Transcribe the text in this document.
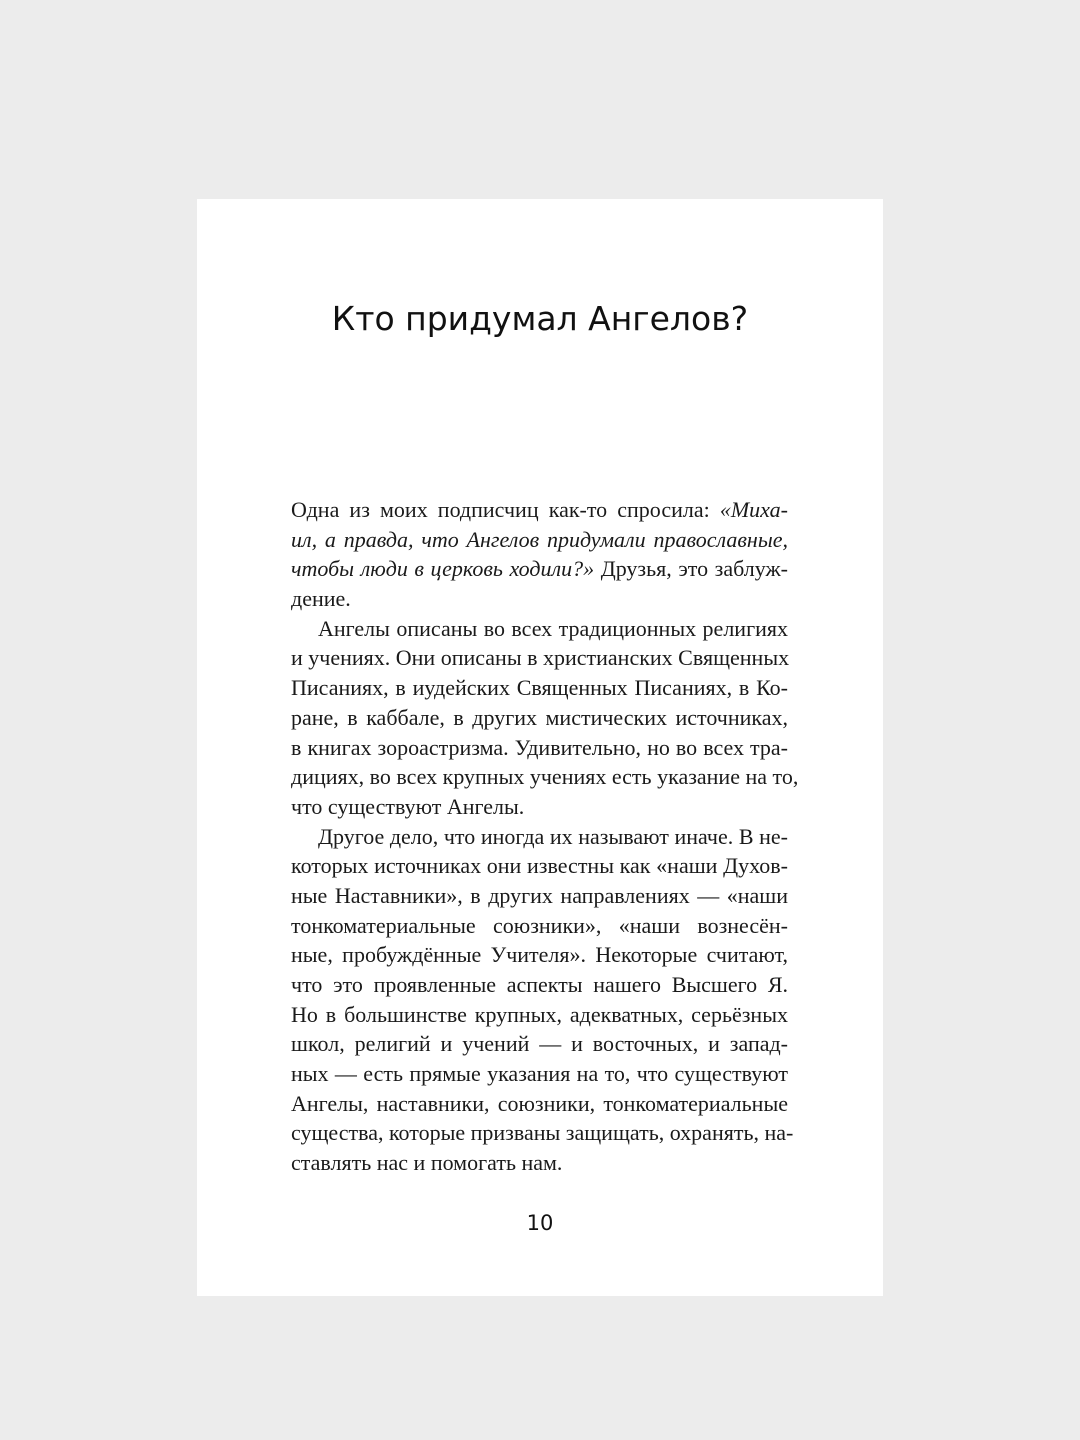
Кто придумал Ангелов?
Одна из моих подписчиц как-то спросила: «Миха-
ил, а правда, что Ангелов придумали православные,
чтобы люди в церковь ходили?» Друзья, это заблуж-
дение.
Ангелы описаны во всех традиционных религиях
и учениях. Они описаны в христианских Священных
Писаниях, в иудейских Священных Писаниях, в Ко-
ране, в каббале, в других мистических источниках,
в книгах зороастризма. Удивительно, но во всех тра-
дициях, во всех крупных учениях есть указание на то,
что существуют Ангелы.
Другое дело, что иногда их называют иначе. В не-
которых источниках они известны как «наши Духов-
ные Наставники», в других направлениях — «наши
тонкоматериальные союзники», «наши вознесён-
ные, пробуждённые Учителя». Некоторые считают,
что это проявленные аспекты нашего Высшего Я.
Но в большинстве крупных, адекватных, серьёзных
школ, религий и учений — и восточных, и запад-
ных — есть прямые указания на то, что существуют
Ангелы, наставники, союзники, тонкоматериальные
существа, которые призваны защищать, охранять, на-
ставлять нас и помогать нам.
10
